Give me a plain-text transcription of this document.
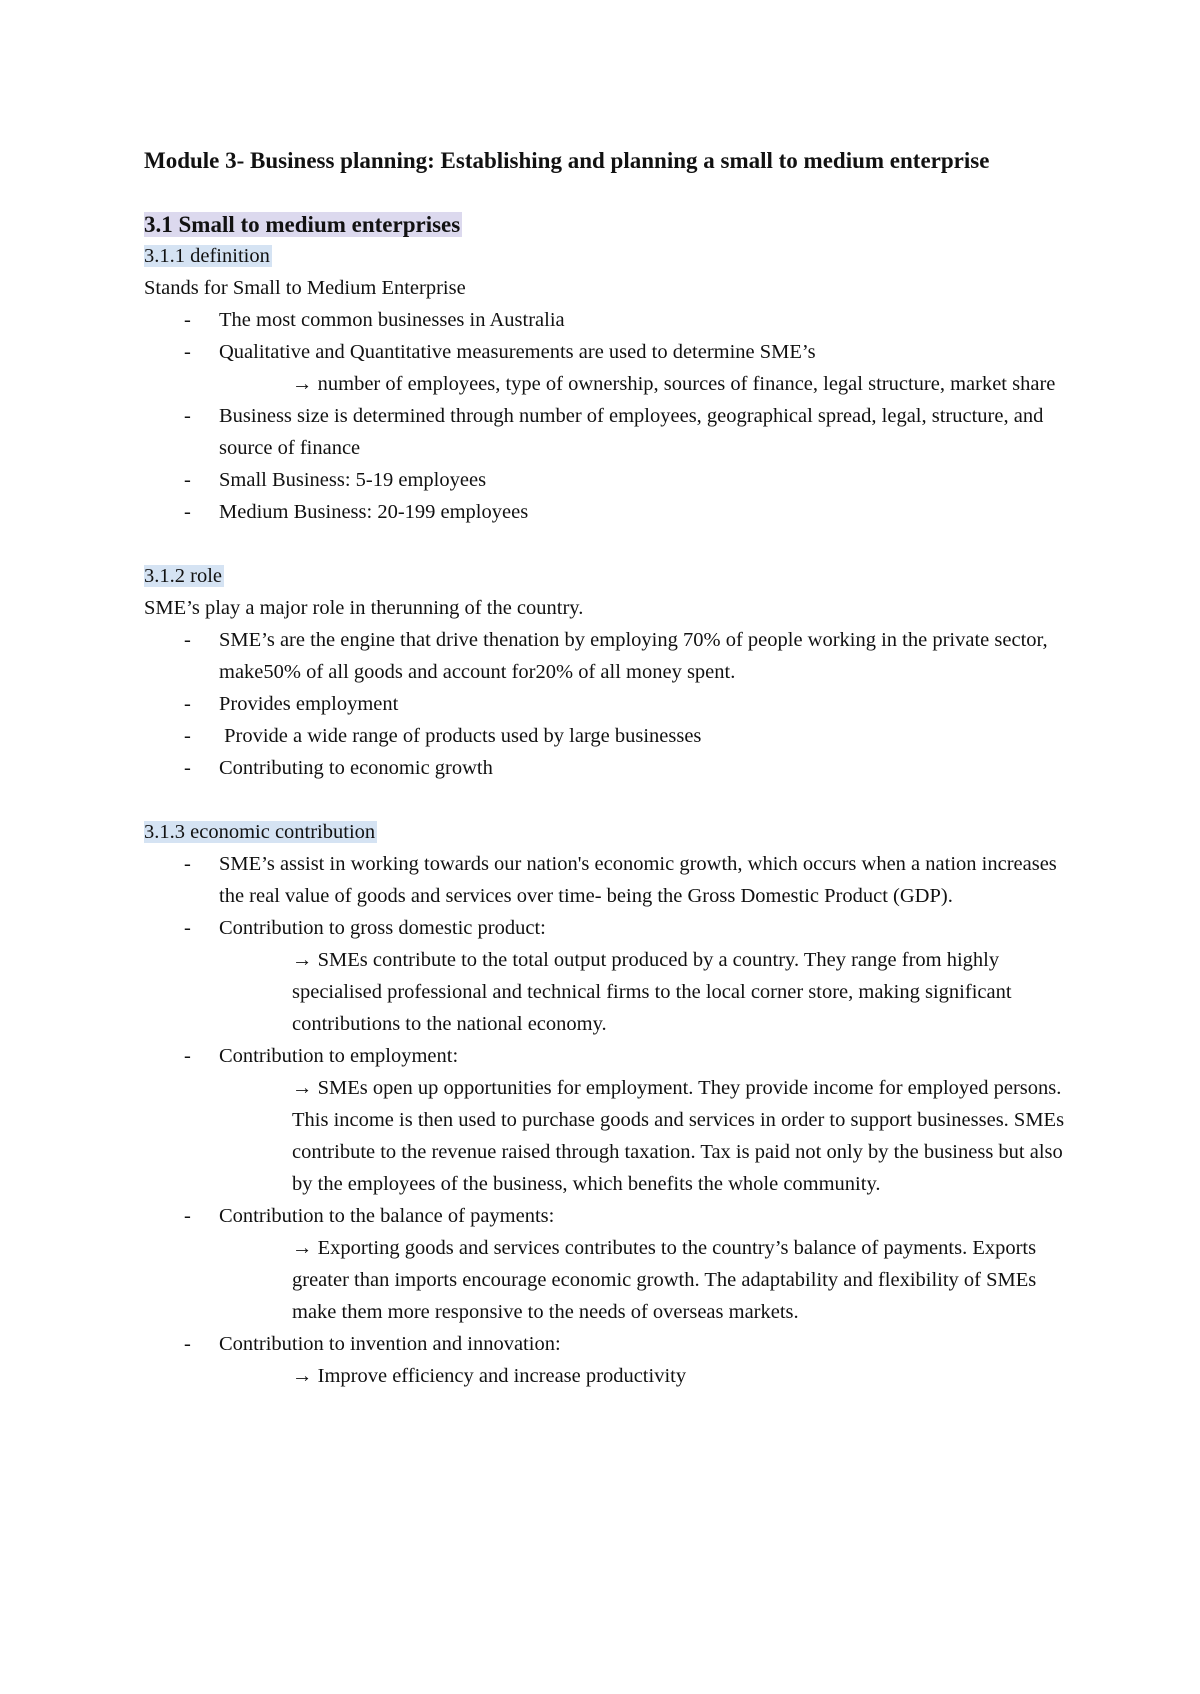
Module 3- Business planning: Establishing and planning a small to medium enterprise

3.1 Small to medium enterprises
3.1.1 definition
Stands for Small to Medium Enterprise
- The most common businesses in Australia
- Qualitative and Quantitative measurements are used to determine SME’s
→ number of employees, type of ownership, sources of finance, legal structure, market share
- Business size is determined through number of employees, geographical spread, legal, structure, and source of finance
- Small Business: 5-19 employees
- Medium Business: 20-199 employees
3.1.2 role
SME’s play a major role in therunning of the country.
- SME’s are the engine that drive thenation by employing 70% of people working in the private sector, make50% of all goods and account for20% of all money spent.
- Provides employment
- Provide a wide range of products used by large businesses
- Contributing to economic growth
3.1.3 economic contribution
- SME’s assist in working towards our nation's economic growth, which occurs when a nation increases the real value of goods and services over time- being the Gross Domestic Product (GDP).
- Contribution to gross domestic product:
→ SMEs contribute to the total output produced by a country. They range from highly specialised professional and technical firms to the local corner store, making significant contributions to the national economy.
- Contribution to employment:
→ SMEs open up opportunities for employment. They provide income for employed persons. This income is then used to purchase goods and services in order to support businesses. SMEs contribute to the revenue raised through taxation. Tax is paid not only by the business but also by the employees of the business, which benefits the whole community.
- Contribution to the balance of payments:
→ Exporting goods and services contributes to the country’s balance of payments. Exports greater than imports encourage economic growth. The adaptability and flexibility of SMEs make them more responsive to the needs of overseas markets.
- Contribution to invention and innovation:
→ Improve efficiency and increase productivity
